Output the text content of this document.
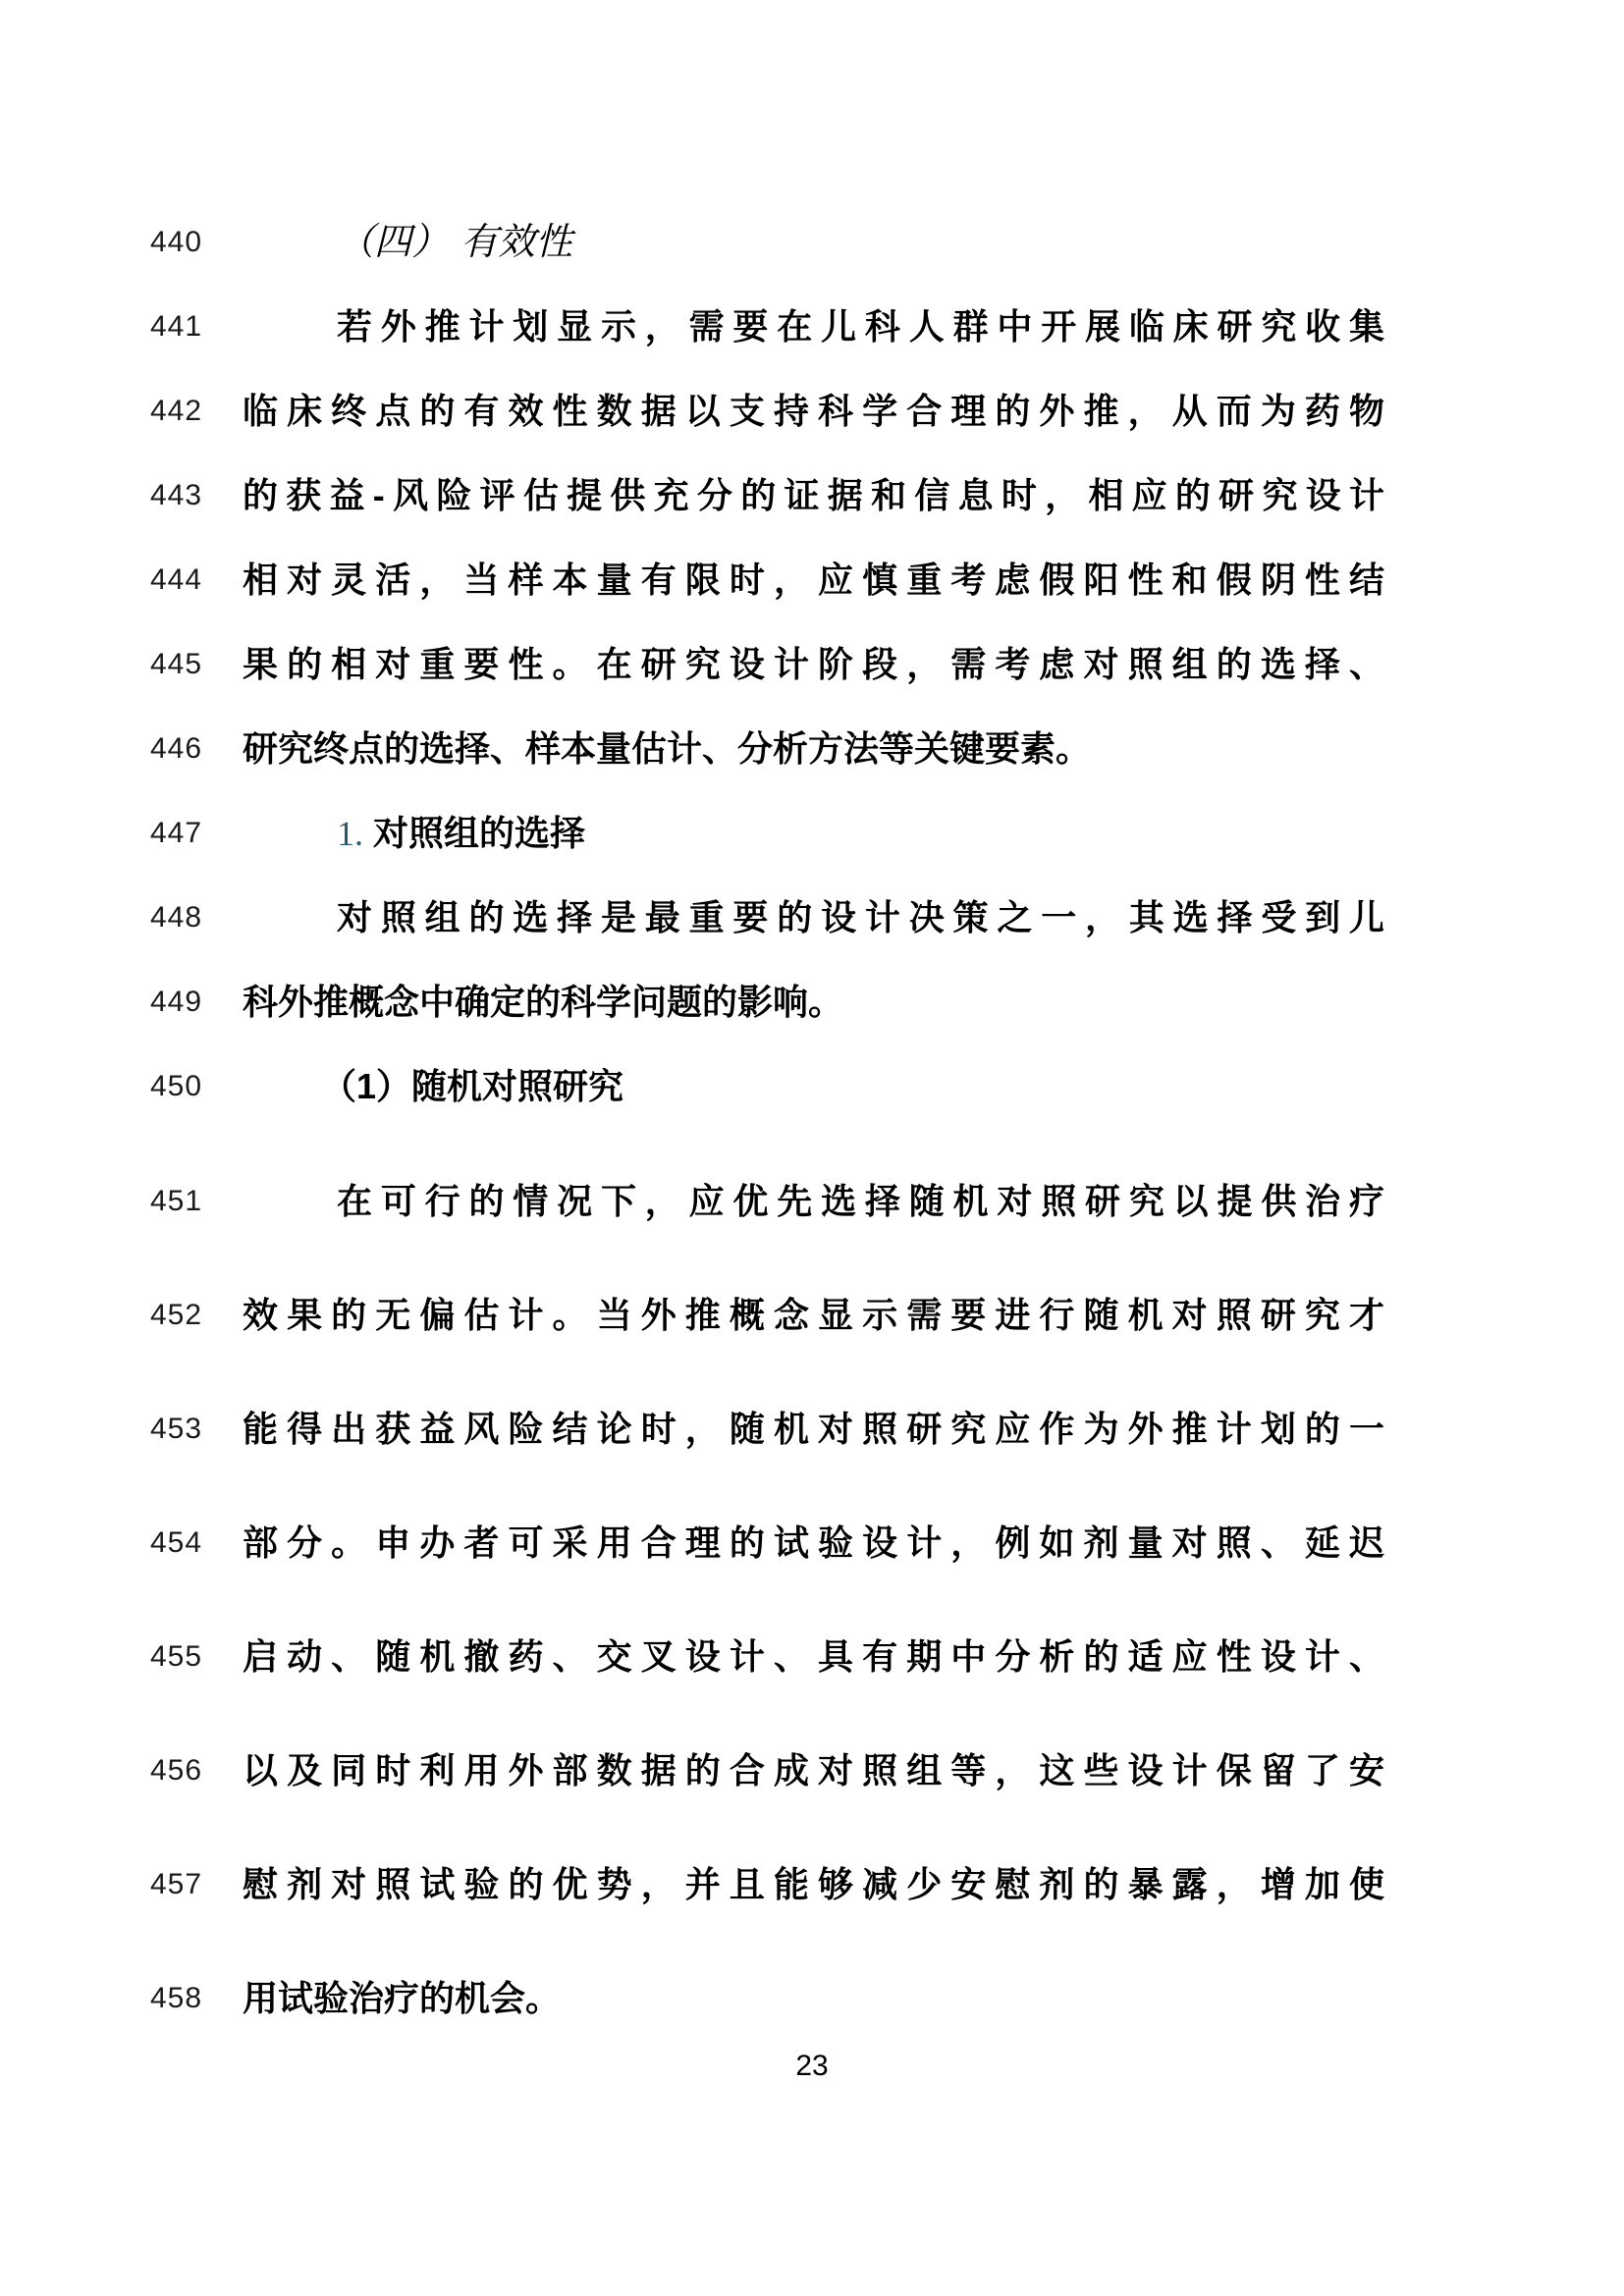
440	（四） 有效性
441	若外推计划显示，需要在儿科人群中开展临床研究收集
442	临床终点的有效性数据以支持科学合理的外推，从而为药物
443	的获益-风险评估提供充分的证据和信息时，相应的研究设计
444	相对灵活，当样本量有限时，应慎重考虑假阳性和假阴性结
445	果的相对重要性。在研究设计阶段，需考虑对照组的选择、
446	研究终点的选择、样本量估计、分析方法等关键要素。
447	1. 对照组的选择
448	对照组的选择是最重要的设计决策之一，其选择受到儿
449	科外推概念中确定的科学问题的影响。
450	（1）随机对照研究
451	在可行的情况下，应优先选择随机对照研究以提供治疗
452	效果的无偏估计。当外推概念显示需要进行随机对照研究才
453	能得出获益风险结论时，随机对照研究应作为外推计划的一
454	部分。申办者可采用合理的试验设计，例如剂量对照、延迟
455	启动、随机撤药、交叉设计、具有期中分析的适应性设计、
456	以及同时利用外部数据的合成对照组等，这些设计保留了安
457	慰剂对照试验的优势，并且能够减少安慰剂的暴露，增加使
458	用试验治疗的机会。
23
